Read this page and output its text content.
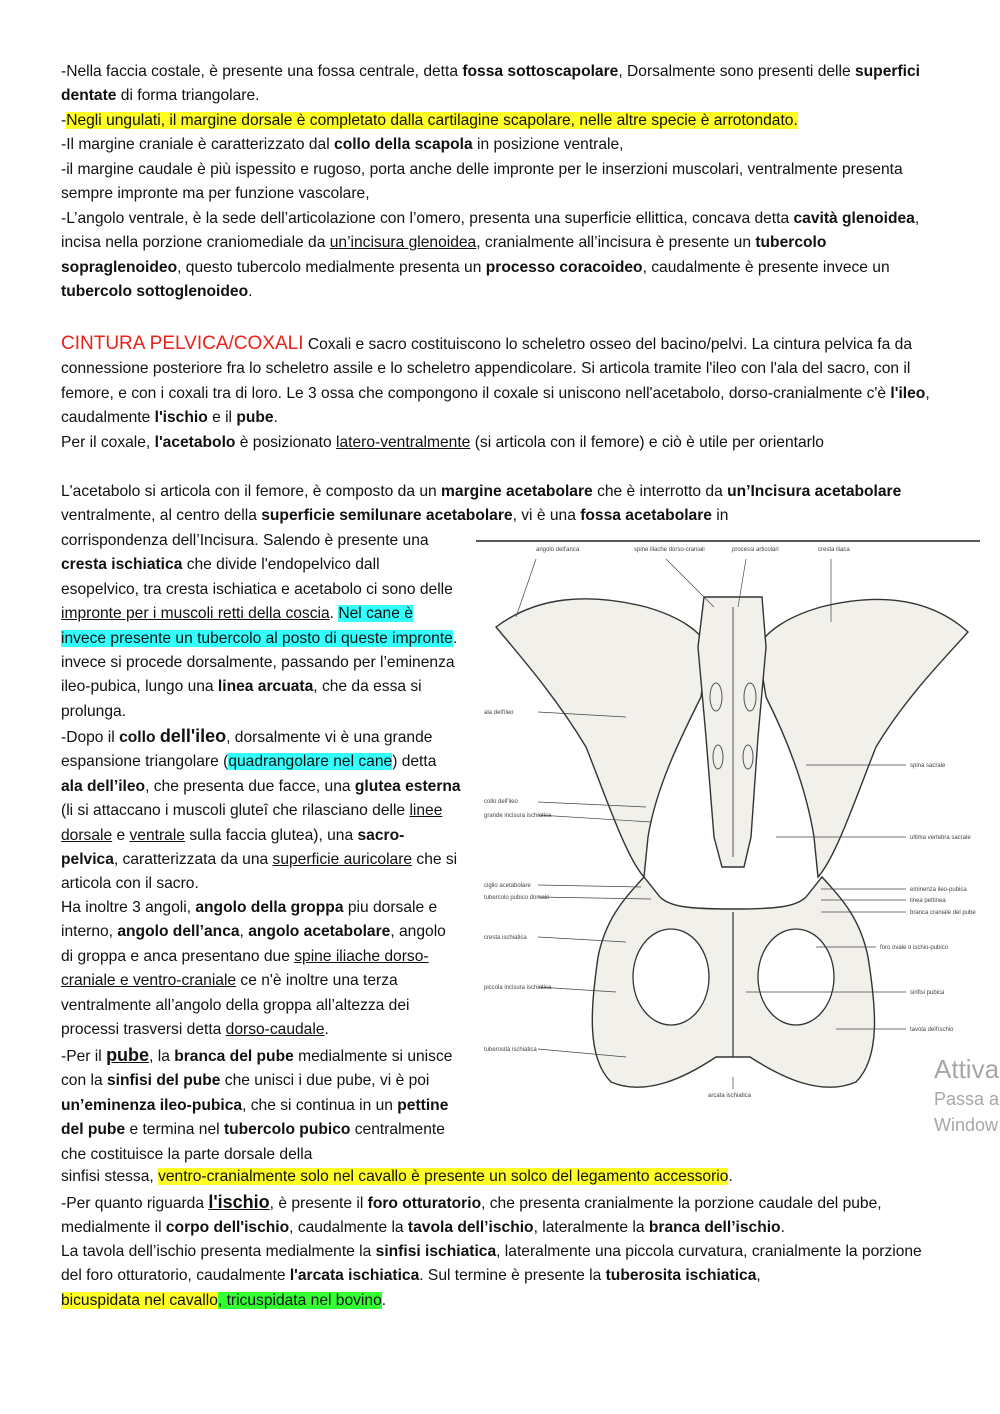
-Nella faccia costale, è presente una fossa centrale, detta fossa sottoscapolare, Dorsalmente sono presenti delle superfici dentate di forma triangolare.

-Negli ungulati, il margine dorsale è completato dalla cartilagine scapolare, nelle altre specie è arrotondato.

-Il margine craniale è caratterizzato dal collo della scapola in posizione ventrale,

-il margine caudale è più ispessito e rugoso, porta anche delle impronte per le inserzioni muscolari, ventralmente presenta sempre impronte ma per funzione vascolare,

-L’angolo ventrale, è la sede dell’articolazione con l’omero, presenta una superficie ellittica, concava detta cavità glenoidea, incisa nella porzione craniomediale da un’incisura glenoidea, cranialmente all’incisura è presente un tubercolo sopraglenoideo, questo tubercolo medialmente presenta un processo coracoideo, caudalmente è presente invece un tubercolo sottoglenoideo.

CINTURA PELVICA/COXALI Coxali e sacro costituiscono lo scheletro osseo del bacino/pelvi. La cintura pelvica fa da connessione posteriore fra lo scheletro assile e lo scheletro appendicolare. Si articola tramite l'ileo con l'ala del sacro, con il femore, e con i coxali tra di loro. Le 3 ossa che compongono il coxale si uniscono nell'acetabolo, dorso-cranialmente c'è l'ileo, caudalmente l'ischio e il pube.

Per il coxale, l'acetabolo è posizionato latero-ventralmente (si articola con il femore) e ciò è utile per orientarlo

L'acetabolo si articola con il femore, è composto da un margine acetabolare che è interrotto da un’Incisura acetabolare ventralmente, al centro della superficie semilunare acetabolare, vi è una fossa acetabolare in

corrispondenza dell’Incisura. Salendo è presente una cresta ischiatica che divide l'endopelvico dall esopelvico, tra cresta ischiatica e acetabolo ci sono delle impronte per i muscoli retti della coscia. Nel cane è invece presente un tubercolo al posto di queste impronte. invece si procede dorsalmente, passando per l’eminenza ileo-pubica, lungo una linea arcuata, che da essa si prolunga.

-Dopo il collo dell'ileo, dorsalmente vi è una grande espansione triangolare (quadrangolare nel cane) detta ala dell’ileo, che presenta due facce, una glutea esterna (li si attaccano i muscoli gluteî che rilasciano delle linee dorsale e ventrale sulla faccia glutea), una sacro-pelvica, caratterizzata da una superficie auricolare che si articola con il sacro.

Ha inoltre 3 angoli, angolo della groppa piu dorsale e interno, angolo dell’anca, angolo acetabolare, angolo di groppa e anca presentano due spine iliache dorso-craniale e ventro-craniale ce n'è inoltre una terza ventralmente all’angolo della groppa all’altezza dei processi trasversi detta dorso-caudale.

-Per il pube, la branca del pube medialmente si unisce con la sinfisi del pube che unisci i due pube, vi è poi un’eminenza ileo-pubica, che si continua in un pettine del pube e termina nel tubercolo pubico centralmente che costituisce la parte dorsale della

sinfisi stessa, ventro-cranialmente solo nel cavallo è presente un solco del legamento accessorio.

-Per quanto riguarda l'ischio, è presente il foro otturatorio, che presenta cranialmente la porzione caudale del pube, medialmente il corpo dell'ischio, caudalmente la tavola dell’ischio, lateralmente la branca dell’ischio.

La tavola dell’ischio presenta medialmente la sinfisi ischiatica, lateralmente una piccola curvatura, cranialmente la porzione del foro otturatorio, caudalmente l'arcata ischiatica. Sul termine è presente la tuberosita ischiatica,

bicuspidata nel cavallo, tricuspidata nel bovino.

angolo dell'anca	spine iliache dorso-craniali	processi articolari	cresta iliaca
ala dell'ileo
collo dell'ileo
grande incisura ischiatica
ciglio acetabolare
tubercolo pubico dorsale
cresta ischiatica
piccola incisura ischiatica
tuberosità ischiatica
spina sacrale
ultima vertebra sacrale
eminenza ileo-pubica
linea pettinea
branca craniale del pube
foro ovale o ischio-pubico
sinfisi pubica
tavola dell'ischio
arcata ischiatica
Attiva
Passa a
Window
